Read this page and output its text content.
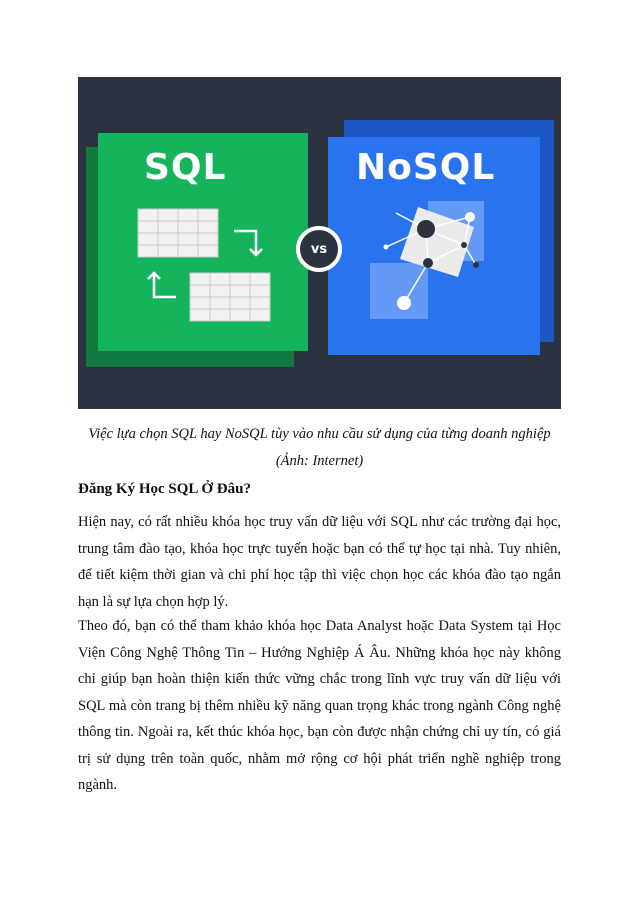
SQL	NoSQL
vs
Việc lựa chọn SQL hay NoSQL tùy vào nhu cầu sử dụng của từng doanh nghiệp (Ảnh: Internet)
Đăng Ký Học SQL Ở Đâu?

Hiện nay, có rất nhiều khóa học truy vấn dữ liệu với SQL như các trường đại học, trung tâm đào tạo, khóa học trực tuyến hoặc bạn có thể tự học tại nhà. Tuy nhiên, để tiết kiệm thời gian và chi phí học tập thì việc chọn học các khóa đào tạo ngắn hạn là sự lựa chọn hợp lý.

Theo đó, bạn có thể tham khảo khóa học Data Analyst hoặc Data System tại Học Viện Công Nghệ Thông Tin – Hướng Nghiệp Á Âu. Những khóa học này không chỉ giúp bạn hoàn thiện kiến thức vững chắc trong lĩnh vực truy vấn dữ liệu với SQL mà còn trang bị thêm nhiều kỹ năng quan trọng khác trong ngành Công nghệ thông tin. Ngoài ra, kết thúc khóa học, bạn còn được nhận chứng chỉ uy tín, có giá trị sử dụng trên toàn quốc, nhằm mở rộng cơ hội phát triển nghề nghiệp trong ngành.
